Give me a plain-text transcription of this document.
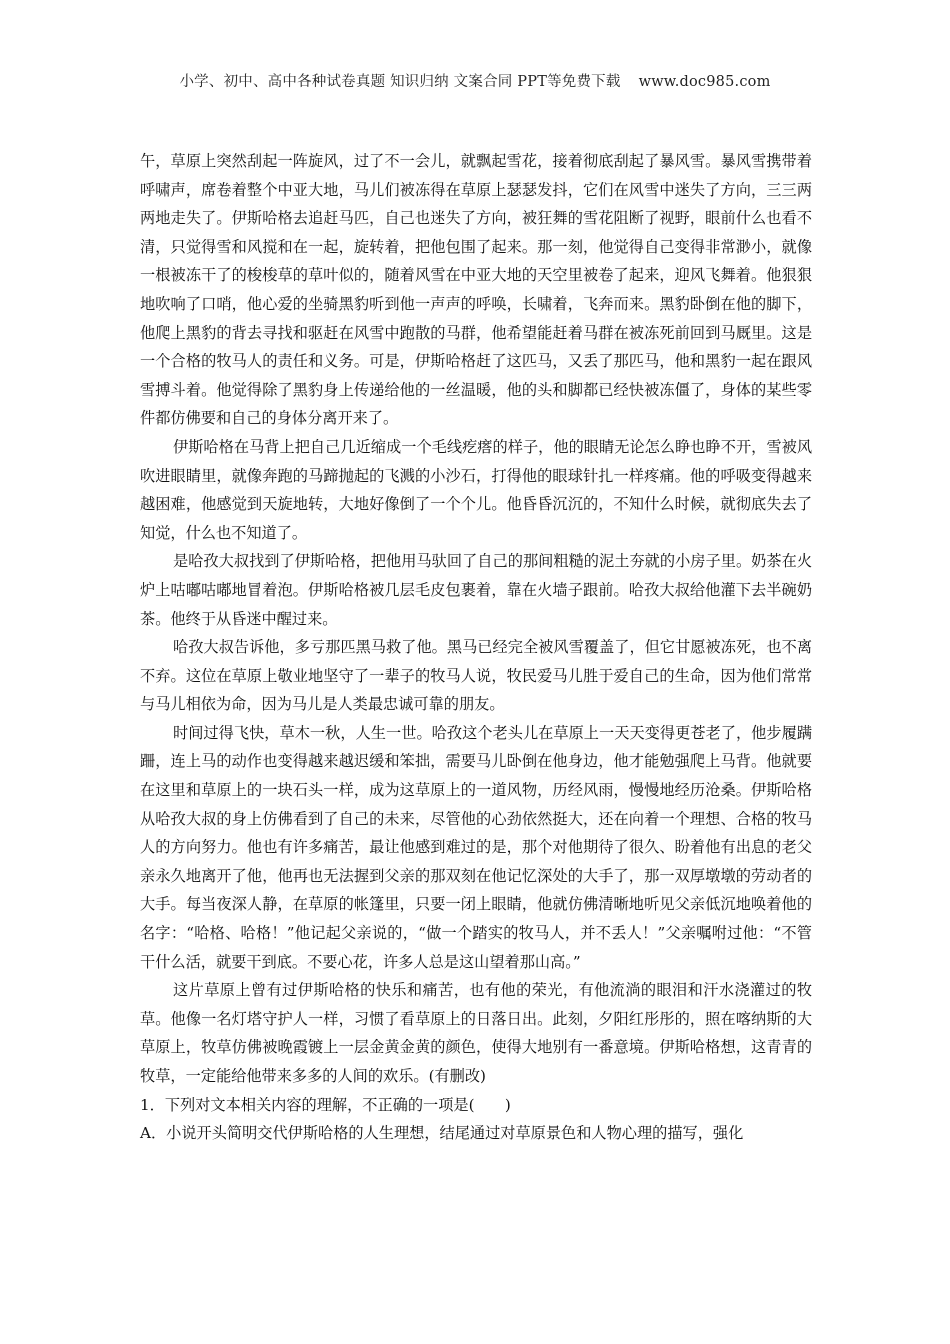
小学、初中、高中各种试卷真题 知识归纳 文案合同 PPT等免费下载 www.doc985.com

午，草原上突然刮起一阵旋风，过了不一会儿，就飘起雪花，接着彻底刮起了暴风雪。暴风雪携带着呼啸声，席卷着整个中亚大地，马儿们被冻得在草原上瑟瑟发抖，它们在风雪中迷失了方向，三三两两地走失了。伊斯哈格去追赶马匹，自己也迷失了方向，被狂舞的雪花阻断了视野，眼前什么也看不清，只觉得雪和风搅和在一起，旋转着，把他包围了起来。那一刻，他觉得自己变得非常渺小，就像一根被冻干了的梭梭草的草叶似的，随着风雪在中亚大地的天空里被卷了起来，迎风飞舞着。他狠狠地吹响了口哨，他心爱的坐骑黑豹听到他一声声的呼唤，长啸着，飞奔而来。黑豹卧倒在他的脚下，他爬上黑豹的背去寻找和驱赶在风雪中跑散的马群，他希望能赶着马群在被冻死前回到马厩里。这是一个合格的牧马人的责任和义务。可是，伊斯哈格赶了这匹马，又丢了那匹马，他和黑豹一起在跟风雪搏斗着。他觉得除了黑豹身上传递给他的一丝温暖，他的头和脚都已经快被冻僵了，身体的某些零件都仿佛要和自己的身体分离开来了。

伊斯哈格在马背上把自己几近缩成一个毛线疙瘩的样子，他的眼睛无论怎么睁也睁不开，雪被风吹进眼睛里，就像奔跑的马蹄抛起的飞溅的小沙石，打得他的眼球针扎一样疼痛。他的呼吸变得越来越困难，他感觉到天旋地转，大地好像倒了一个个儿。他昏昏沉沉的，不知什么时候，就彻底失去了知觉，什么也不知道了。

是哈孜大叔找到了伊斯哈格，把他用马驮回了自己的那间粗糙的泥土夯就的小房子里。奶茶在火炉上咕嘟咕嘟地冒着泡。伊斯哈格被几层毛皮包裹着，靠在火墙子跟前。哈孜大叔给他灌下去半碗奶茶。他终于从昏迷中醒过来。

哈孜大叔告诉他，多亏那匹黑马救了他。黑马已经完全被风雪覆盖了，但它甘愿被冻死，也不离不弃。这位在草原上敬业地坚守了一辈子的牧马人说，牧民爱马儿胜于爱自己的生命，因为他们常常与马儿相依为命，因为马儿是人类最忠诚可靠的朋友。

时间过得飞快，草木一秋，人生一世。哈孜这个老头儿在草原上一天天变得更苍老了，他步履蹒跚，连上马的动作也变得越来越迟缓和笨拙，需要马儿卧倒在他身边，他才能勉强爬上马背。他就要在这里和草原上的一块石头一样，成为这草原上的一道风物，历经风雨，慢慢地经历沧桑。伊斯哈格从哈孜大叔的身上仿佛看到了自己的未来，尽管他的心劲依然挺大，还在向着一个理想、合格的牧马人的方向努力。他也有许多痛苦，最让他感到难过的是，那个对他期待了很久、盼着他有出息的老父亲永久地离开了他，他再也无法握到父亲的那双刻在他记忆深处的大手了，那一双厚墩墩的劳动者的大手。每当夜深人静，在草原的帐篷里，只要一闭上眼睛，他就仿佛清晰地听见父亲低沉地唤着他的名字：“哈格、哈格！”他记起父亲说的，“做一个踏实的牧马人，并不丢人！”父亲嘱咐过他：“不管干什么活，就要干到底。不要心花，许多人总是这山望着那山高。”

这片草原上曾有过伊斯哈格的快乐和痛苦，也有他的荣光，有他流淌的眼泪和汗水浇灌过的牧草。他像一名灯塔守护人一样，习惯了看草原上的日落日出。此刻，夕阳红彤彤的，照在喀纳斯的大草原上，牧草仿佛被晚霞镀上一层金黄金黄的颜色，使得大地别有一番意境。伊斯哈格想，这青青的牧草，一定能给他带来多多的人间的欢乐。(有删改)

1．下列对文本相关内容的理解，不正确的一项是(　　)

A．小说开头简明交代伊斯哈格的人生理想，结尾通过对草原景色和人物心理的描写，强化
